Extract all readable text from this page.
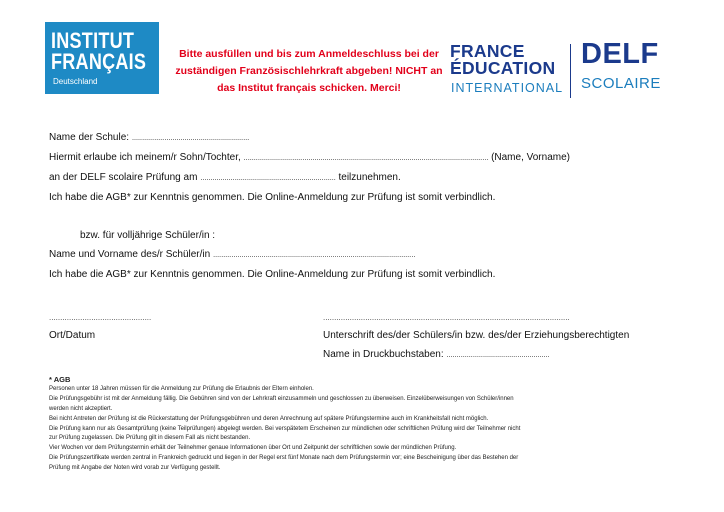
INSTITUT
FRANÇAIS
Deutschland
Bitte ausfüllen und bis zum Anmeldeschluss bei der
zuständigen Französischlehrkraft abgeben! NICHT an
das Institut français schicken. Merci!
FRANCE
ÉDUCATION
INTERNATIONAL
DELF
SCOLAIRE
Name der Schule: ..........................................................
Hiermit erlaube ich meinem/r Sohn/Tochter, ......................................................................................................................... (Name, Vorname)
an der DELF scolaire Prüfung am ................................................................... teilzunehmen.
Ich habe die AGB* zur Kenntnis genommen. Die Online-Anmeldung zur Prüfung ist somit verbindlich.
bzw. für volljährige Schüler/in :
Name und Vorname des/r Schüler/in ....................................................................................................
Ich habe die AGB* zur Kenntnis genommen. Die Online-Anmeldung zur Prüfung ist somit verbindlich.
..............................................
Ort/Datum
...............................................................................................................
Unterschrift des/der Schülers/in bzw. des/der Erziehungsberechtigten
Name in Druckbuchstaben: ...................................................
* AGB
Personen unter 18 Jahren müssen für die Anmeldung zur Prüfung die Erlaubnis der Eltern einholen.
Die Prüfungsgebühr ist mit der Anmeldung fällig. Die Gebühren sind von der Lehrkraft einzusammeln und geschlossen zu überweisen. Einzelüberweisungen von Schüler/innen
werden nicht akzeptiert.
Bei nicht Antreten der Prüfung ist die Rückerstattung der Prüfungsgebühren und deren Anrechnung auf spätere Prüfungstermine auch im Krankheitsfall nicht möglich.
Die Prüfung kann nur als Gesamtprüfung (keine Teilprüfungen) abgelegt werden. Bei verspätetem Erscheinen zur mündlichen oder schriftlichen Prüfung wird der Teilnehmer nicht
zur Prüfung zugelassen. Die Prüfung gilt in diesem Fall als nicht bestanden.
Vier Wochen vor dem Prüfungstermin erhält der Teilnehmer genaue Informationen über Ort und Zeitpunkt der schriftlichen sowie der mündlichen Prüfung.
Die Prüfungszertifikate werden zentral in Frankreich gedruckt und liegen in der Regel erst fünf Monate nach dem Prüfungstermin vor; eine Bescheinigung über das Bestehen der
Prüfung mit Angabe der Noten wird vorab zur Verfügung gestellt.
